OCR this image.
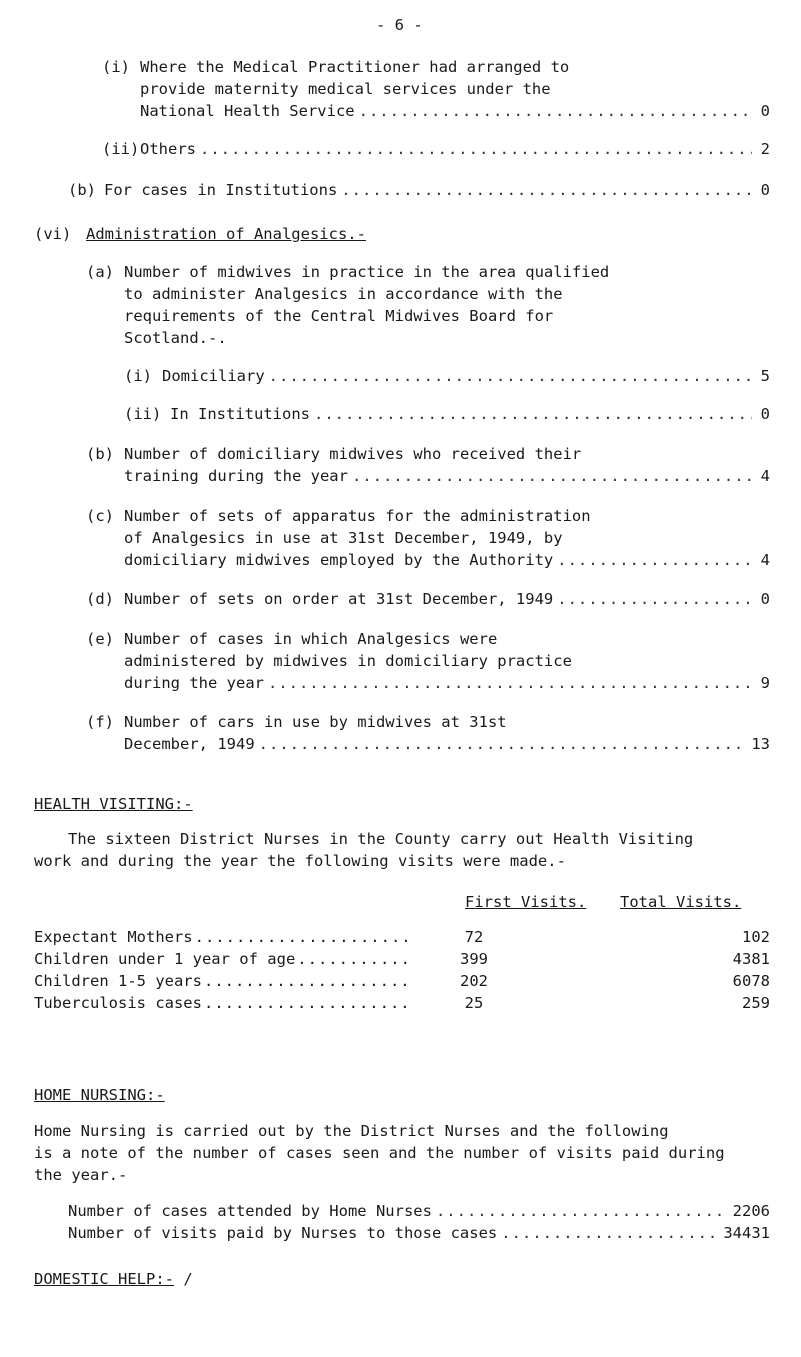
- 6 -
(i) Where the Medical Practitioner had arranged to
provide maternity medical services under the
National Health Service .....	0
(ii) Others .....	2
(b) For cases in Institutions .....	0
(vi) Administration of Analgesics.-
(a) Number of midwives in practice in the area qualified
to administer Analgesics in accordance with the
requirements of the Central Midwives Board for
Scotland.-.
(i) Domiciliary .....	5
(ii) In Institutions .....	0
(b) Number of domiciliary midwives who received their
training during the year .....	4
(c) Number of sets of apparatus for the administration
of Analgesics in use at 31st December, 1949, by
domiciliary midwives employed by the Authority .....	4
(d) Number of sets on order at 31st December, 1949 .....	0
(e) Number of cases in which Analgesics were
administered by midwives in domiciliary practice
during the year .....	9
(f) Number of cars in use by midwives at 31st
December, 1949 .....	13
HEALTH VISITING:-
The sixteen District Nurses in the County carry out Health Visiting
work and during the year the following visits were made.-
First Visits. Total Visits.
Expectant Mothers .....	72	102
Children under 1 year of age .....	399	4381
Children 1-5 years .....	202	6078
Tuberculosis cases .....	25	259
HOME NURSING:-
Home Nursing is carried out by the District Nurses and the following
is a note of the number of cases seen and the number of visits paid during
the year.-
Number of cases attended by Home Nurses .....	2206
Number of visits paid by Nurses to those cases .....	34431
DOMESTIC HELP:- /
